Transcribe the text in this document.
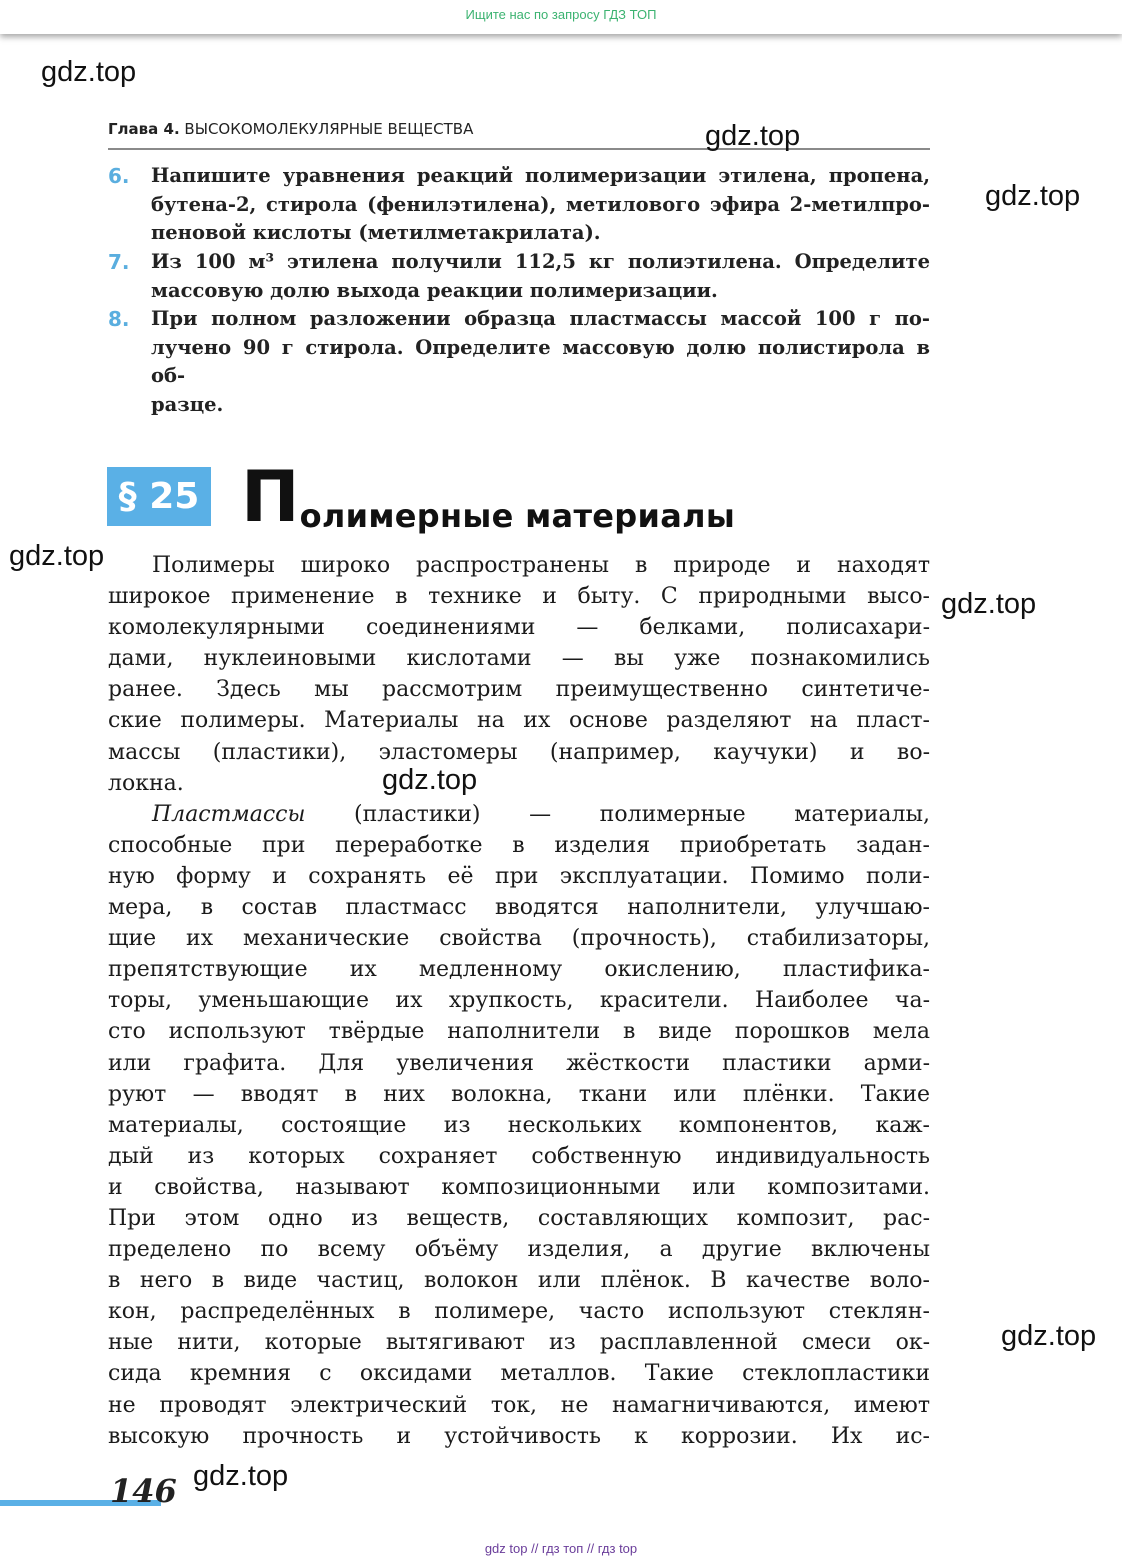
Ищите нас по запросу ГДЗ ТОП
gdz.top
gdz.top
gdz.top
gdz.top
gdz.top
gdz.top
gdz.top
gdz.top
Глава 4. ВЫСОКОМОЛЕКУЛЯРНЫЕ ВЕЩЕСТВА
6. Напишите уравнения реакций полимеризации этилена, пропена,
бутена-2, стирола (фенилэтилена), метилового эфира 2-метилпро-
пеновой кислоты (метилметакрилата).
7. Из 100 м³ этилена получили 112,5 кг полиэтилена. Определите
массовую долю выхода реакции полимеризации.
8. При полном разложении образца пластмассы массой 100 г по-
лучено 90 г стирола. Определите массовую долю полистирола в об-
разце.
§ 25 Полимерные материалы
Полимеры широко распространены в природе и находят
широкое применение в технике и быту. С природными высо-
комолекулярными соединениями — белками, полисахари-
дами, нуклеиновыми кислотами — вы уже познакомились
ранее. Здесь мы рассмотрим преимущественно синтетиче-
ские полимеры. Материалы на их основе разделяют на пласт-
массы (пластики), эластомеры (например, каучуки) и во-
локна.
Пластмассы (пластики) — полимерные материалы,
способные при переработке в изделия приобретать задан-
ную форму и сохранять её при эксплуатации. Помимо поли-
мера, в состав пластмасс вводятся наполнители, улучшаю-
щие их механические свойства (прочность), стабилизаторы,
препятствующие их медленному окислению, пластифика-
торы, уменьшающие их хрупкость, красители. Наиболее ча-
сто используют твёрдые наполнители в виде порошков мела
или графита. Для увеличения жёсткости пластики арми-
руют — вводят в них волокна, ткани или плёнки. Такие
материалы, состоящие из нескольких компонентов, каж-
дый из которых сохраняет собственную индивидуальность
и свойства, называют композиционными или композитами.
При этом одно из веществ, составляющих композит, рас-
пределено по всему объёму изделия, а другие включены
в него в виде частиц, волокон или плёнок. В качестве воло-
кон, распределённых в полимере, часто используют стеклян-
ные нити, которые вытягивают из расплавленной смеси ок-
сида кремния с оксидами металлов. Такие стеклопластики
не проводят электрический ток, не намагничиваются, имеют
высокую прочность и устойчивость к коррозии. Их ис-
146
gdz top // гдз топ // гдз top
